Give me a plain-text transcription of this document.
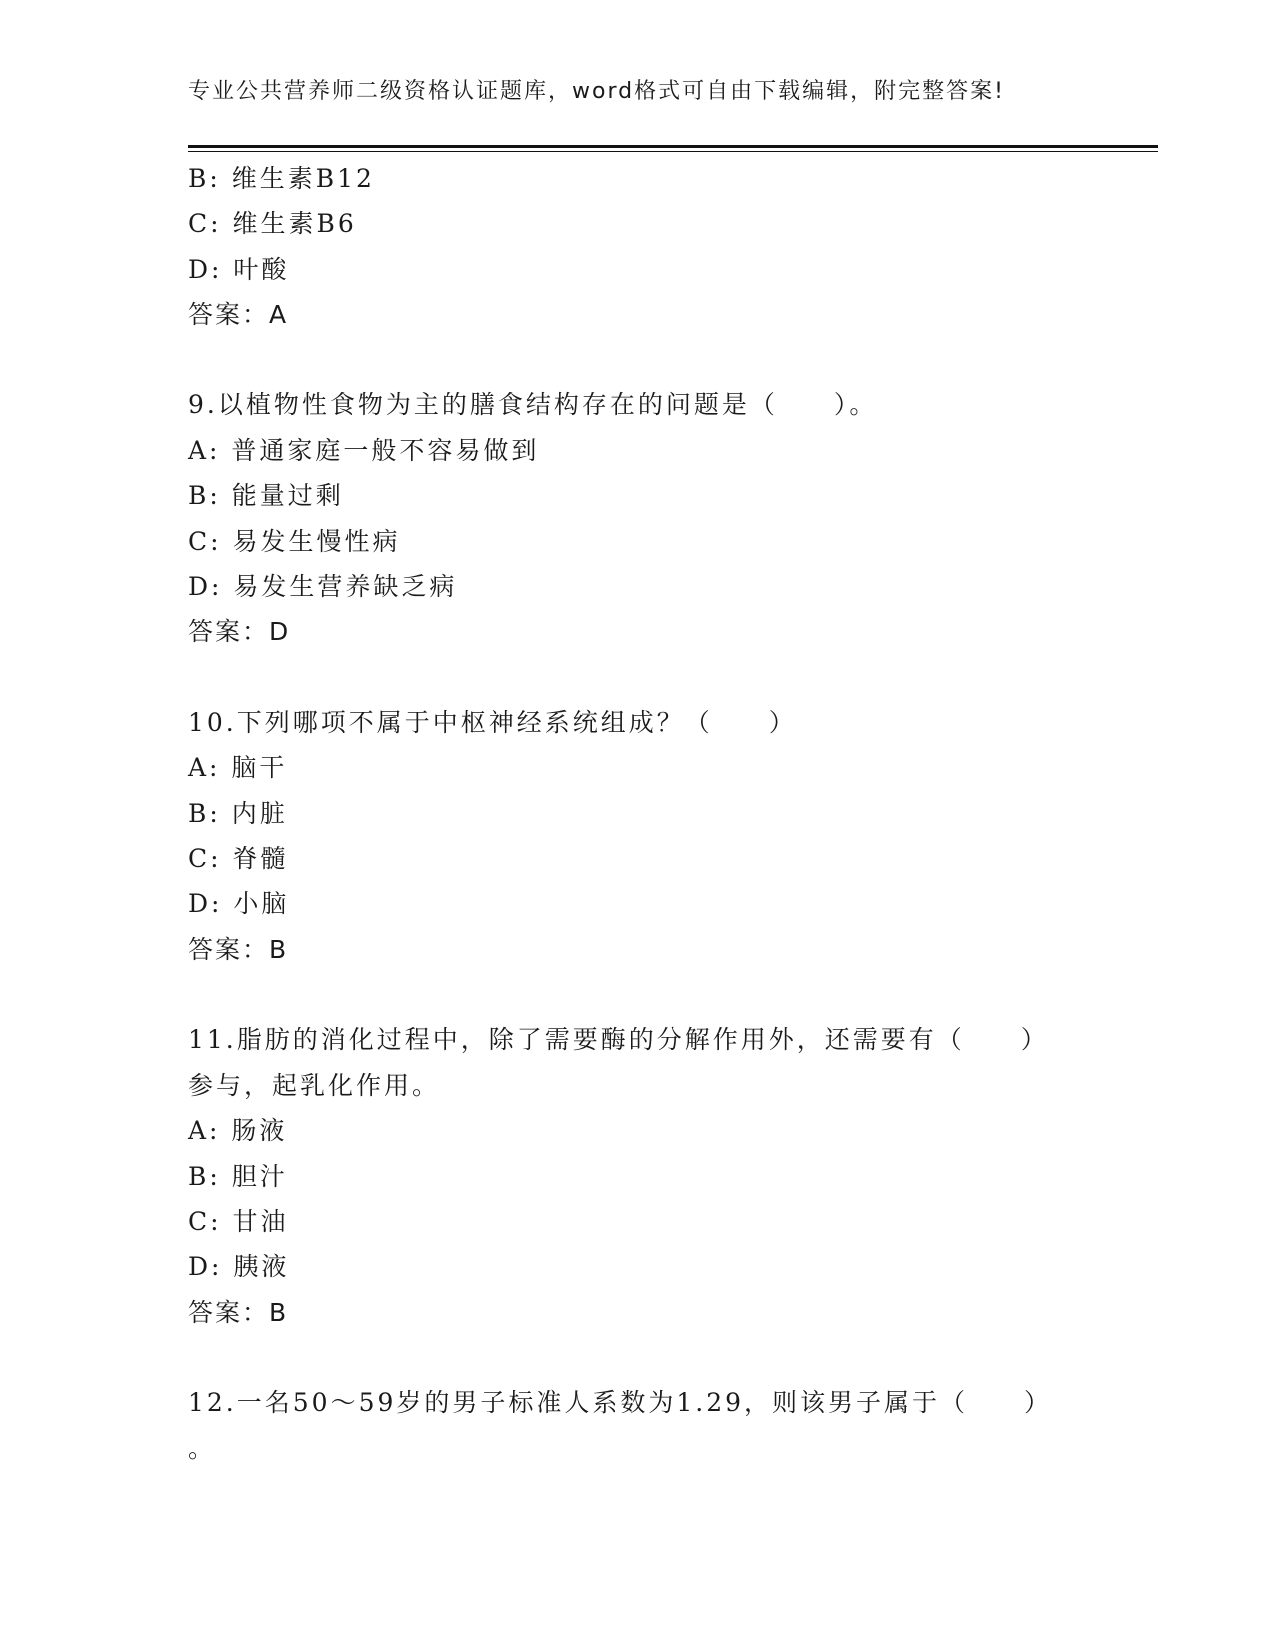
专业公共营养师二级资格认证题库，word格式可自由下载编辑，附完整答案!
B: 维生素B12
C: 维生素B6
D: 叶酸
答案：A
9.以植物性食物为主的膳食结构存在的问题是（　　）。
A: 普通家庭一般不容易做到
B: 能量过剩
C: 易发生慢性病
D: 易发生营养缺乏病
答案：D
10.下列哪项不属于中枢神经系统组成？（　　）
A: 脑干
B: 内脏
C: 脊髓
D: 小脑
答案：B
11.脂肪的消化过程中，除了需要酶的分解作用外，还需要有（　　）
参与，起乳化作用。
A: 肠液
B: 胆汁
C: 甘油
D: 胰液
答案：B
12.一名50～59岁的男子标准人系数为1.29，则该男子属于（　　）
。
